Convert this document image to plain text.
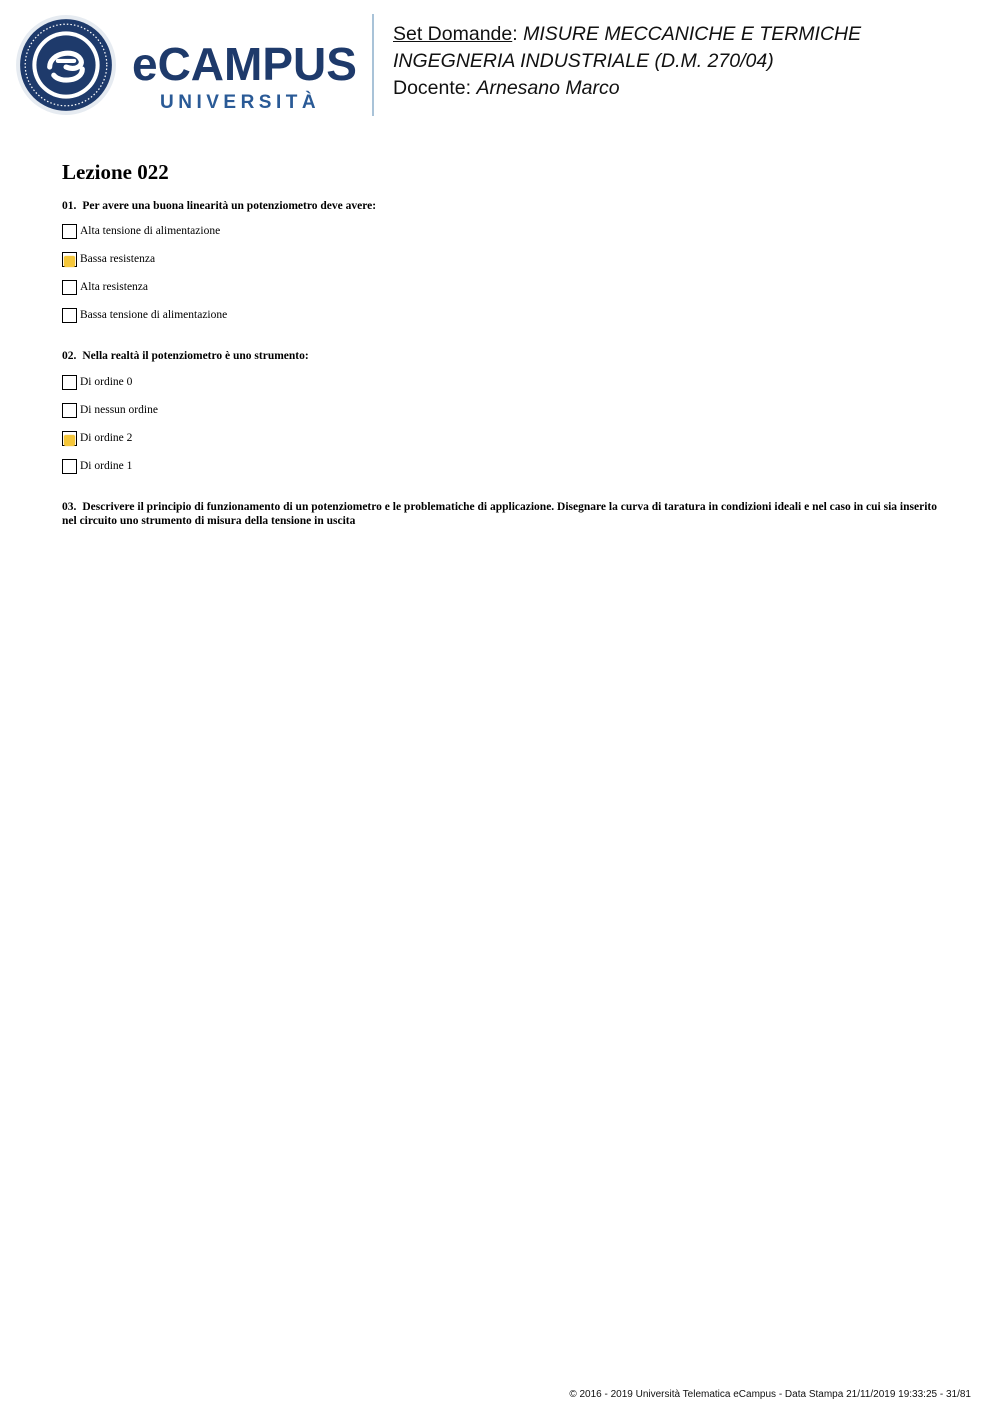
eCAMPUS
UNIVERSITÀ
Set Domande: MISURE MECCANICHE E TERMICHE
INGEGNERIA INDUSTRIALE (D.M. 270/04)
Docente: Arnesano Marco
Lezione 022

01. Per avere una buona linearità un potenziometro deve avere:

Alta tensione di alimentazione
Bassa resistenza
Alta resistenza
Bassa tensione di alimentazione

02. Nella realtà il potenziometro è uno strumento:

Di ordine 0
Di nessun ordine
Di ordine 2
Di ordine 1

03. Descrivere il principio di funzionamento di un potenziometro e le problematiche di applicazione. Disegnare la curva di taratura in condizioni ideali e nel caso in cui sia inserito nel circuito uno strumento di misura della tensione in uscita

© 2016 - 2019 Università Telematica eCampus - Data Stampa 21/11/2019 19:33:25 - 31/81
